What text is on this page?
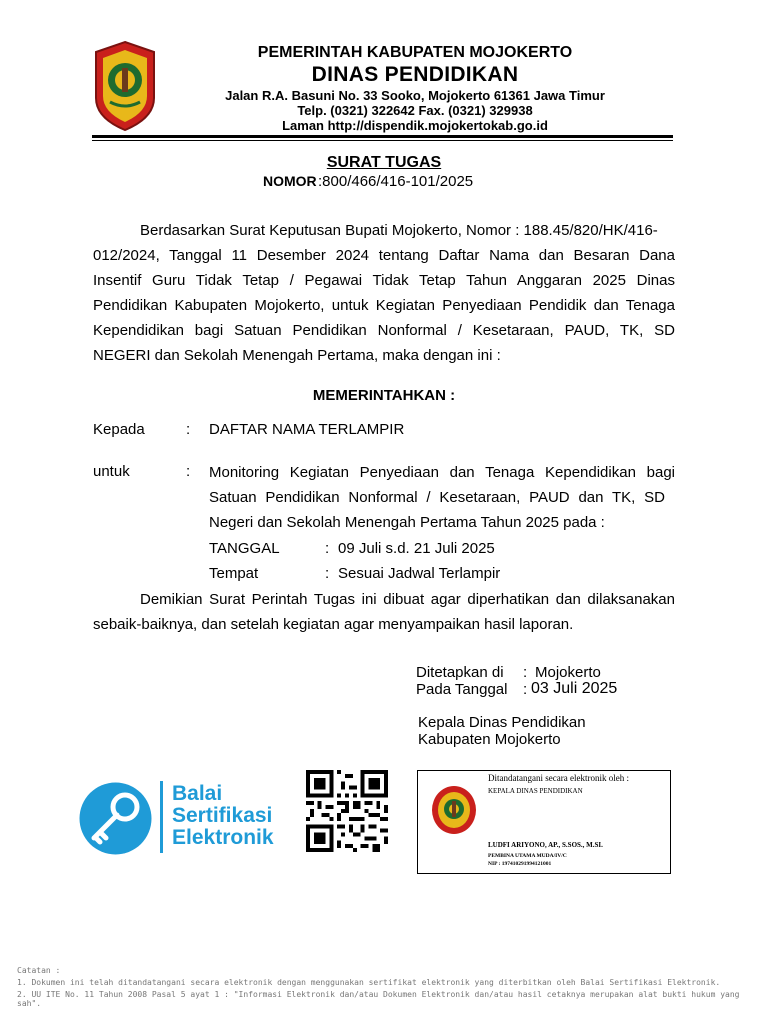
PEMERINTAH KABUPATEN MOJOKERTO
DINAS PENDIDIKAN
Jalan R.A. Basuni No. 33 Sooko, Mojokerto 61361 Jawa Timur
Telp. (0321) 322642 Fax. (0321) 329938
Laman http://dispendik.mojokertokab.go.id
SURAT TUGAS
NOMOR :800/466/416-101/2025
Berdasarkan Surat Keputusan Bupati Mojokerto, Nomor : 188.45/820/HK/416-
012/2024, Tanggal 11 Desember 2024 tentang Daftar Nama dan Besaran Dana
Insentif Guru Tidak Tetap / Pegawai Tidak Tetap Tahun Anggaran 2025 Dinas
Pendidikan Kabupaten Mojokerto, untuk Kegiatan Penyediaan Pendidik dan Tenaga
Kependidikan bagi Satuan Pendidikan Nonformal / Kesetaraan, PAUD, TK, SD
NEGERI dan Sekolah Menengah Pertama, maka dengan ini :
MEMERINTAHKAN :
Kepada	: DAFTAR NAMA TERLAMPIR
untuk	: Monitoring Kegiatan Penyediaan dan Tenaga Kependidikan bagi
Satuan Pendidikan Nonformal / Kesetaraan, PAUD dan TK, SD
Negeri dan Sekolah Menengah Pertama Tahun 2025 pada :
TANGGAL	: 09 Juli s.d. 21 Juli 2025
Tempat	: Sesuai Jadwal Terlampir
Demikian Surat Perintah Tugas ini dibuat agar diperhatikan dan dilaksanakan
sebaik-baiknya, dan setelah kegiatan agar menyampaikan hasil laporan.
Ditetapkan di : Mojokerto
Pada Tanggal : 03 Juli 2025
Kepala Dinas Pendidikan
Kabupaten Mojokerto
Balai
Sertifikasi
Elektronik
Ditandatangani secara elektronik oleh :
KEPALA DINAS PENDIDIKAN
LUDFI ARIYONO, AP., S.SOS., M.SI.
PEMBINA UTAMA MUDA/IV/C
NIP : 197410291994121001
Catatan :
1. Dokumen ini telah ditandatangani secara elektronik dengan menggunakan sertifikat elektronik yang diterbitkan oleh Balai Sertifikasi Elektronik.
2. UU ITE No. 11 Tahun 2008 Pasal 5 ayat 1 : "Informasi Elektronik dan/atau Dokumen Elektronik dan/atau hasil cetaknya merupakan alat bukti hukum yang sah".
